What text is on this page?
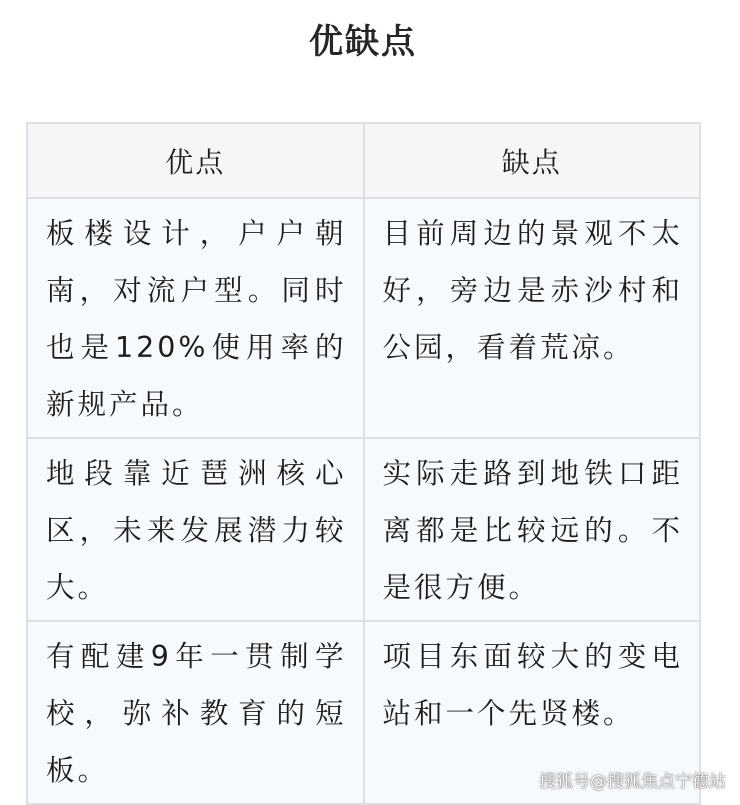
优缺点
优点	缺点
板楼设计，户户朝南，对流户型。同时也是120%使用率的新规产品。	目前周边的景观不太好，旁边是赤沙村和公园，看着荒凉。
地段靠近琶洲核心区，未来发展潜力较大。	实际走路到地铁口距离都是比较远的。不是很方便。
有配建9年一贯制学校，弥补教育的短板。	项目东面较大的变电站和一个先贤楼。
搜狐号@搜狐焦点宁德站
